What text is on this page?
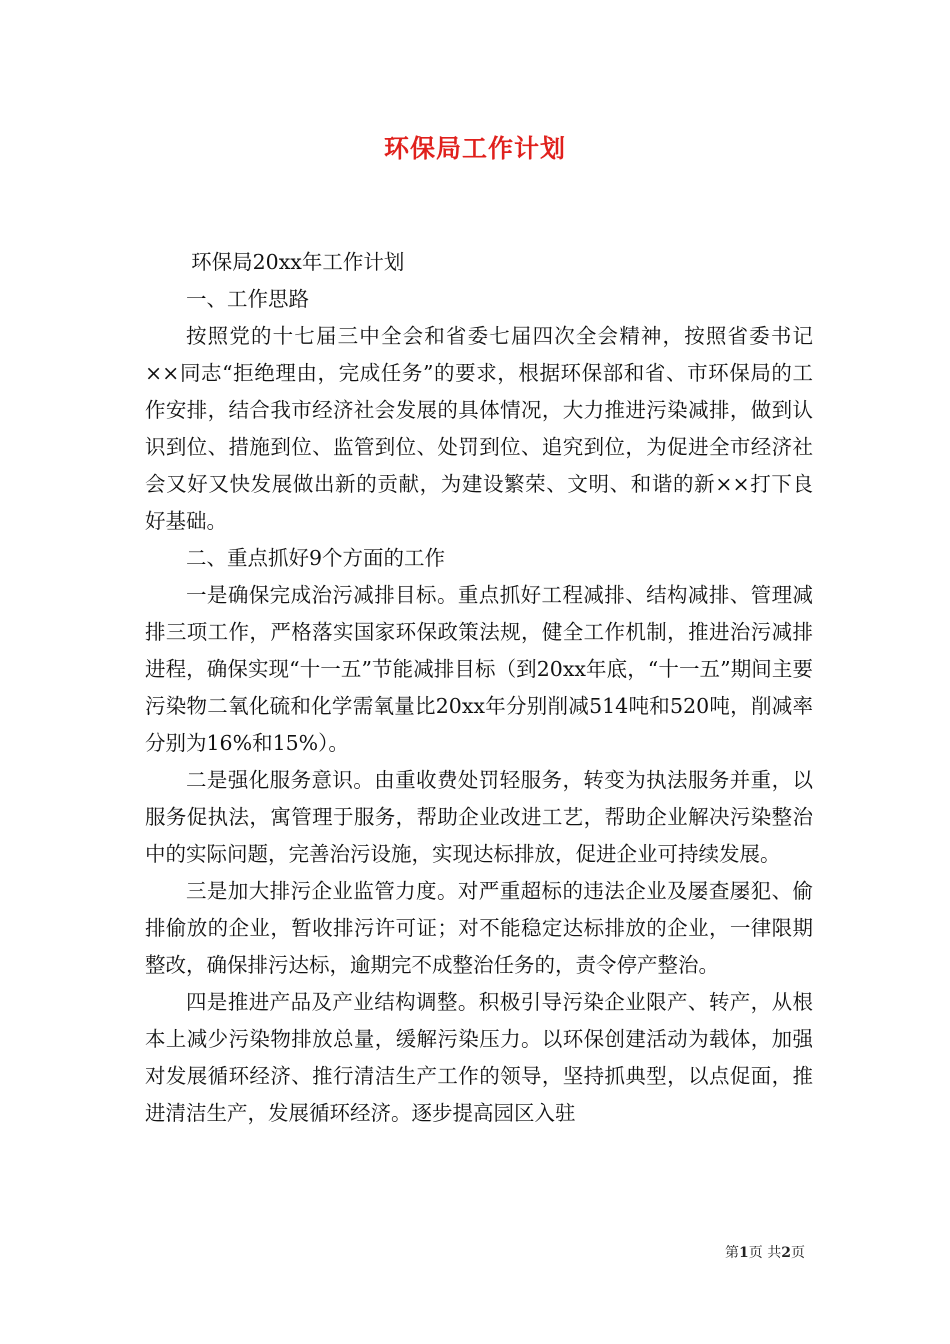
环保局工作计划

环保局20xx年工作计划

一、工作思路

按照党的十七届三中全会和省委七届四次全会精神，按照省委书记××同志“拒绝理由，完成任务”的要求，根据环保部和省、市环保局的工作安排，结合我市经济社会发展的具体情况，大力推进污染减排，做到认识到位、措施到位、监管到位、处罚到位、追究到位，为促进全市经济社会又好又快发展做出新的贡献，为建设繁荣、文明、和谐的新××打下良好基础。

二、重点抓好9个方面的工作

一是确保完成治污减排目标。重点抓好工程减排、结构减排、管理减排三项工作，严格落实国家环保政策法规，健全工作机制，推进治污减排进程，确保实现“十一五”节能减排目标（到20xx年底，“十一五”期间主要污染物二氧化硫和化学需氧量比20xx年分别削减514吨和520吨，削减率分别为16%和15%）。

二是强化服务意识。由重收费处罚轻服务，转变为执法服务并重，以服务促执法，寓管理于服务，帮助企业改进工艺，帮助企业解决污染整治中的实际问题，完善治污设施，实现达标排放，促进企业可持续发展。

三是加大排污企业监管力度。对严重超标的违法企业及屡查屡犯、偷排偷放的企业，暂收排污许可证；对不能稳定达标排放的企业，一律限期整改，确保排污达标，逾期完不成整治任务的，责令停产整治。

四是推进产品及产业结构调整。积极引导污染企业限产、转产，从根本上减少污染物排放总量，缓解污染压力。以环保创建活动为载体，加强对发展循环经济、推行清洁生产工作的领导，坚持抓典型，以点促面，推进清洁生产，发展循环经济。逐步提高园区入驻

第1页 共2页
